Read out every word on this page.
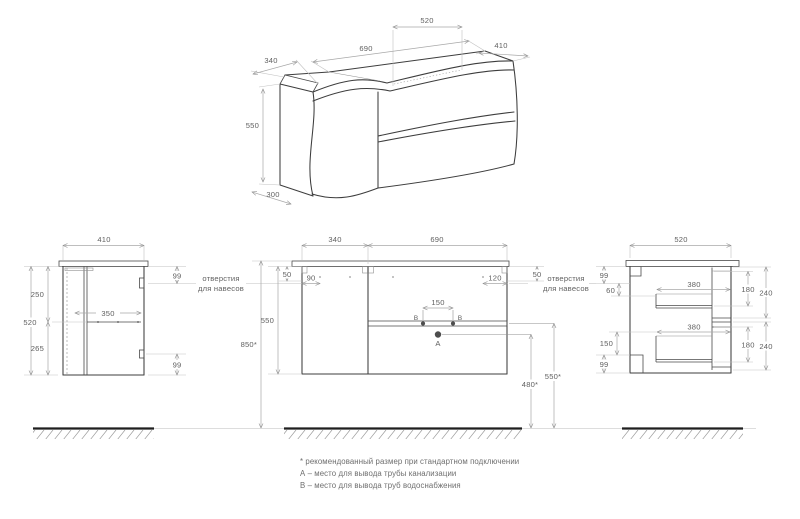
520
690	410
340
550
300
410
520
250
265
350
99
99
отверстия
для навесов
340	690
50 90	120	50
550
850*
150
В	В
А
480*
550*
отверстия
для навесов
520
99
60
380
180 240
380
180 240
150
99
* рекомендованный размер при стандартном подключении
А – место для вывода трубы канализации
В – место для вывода труб водоснабжения
